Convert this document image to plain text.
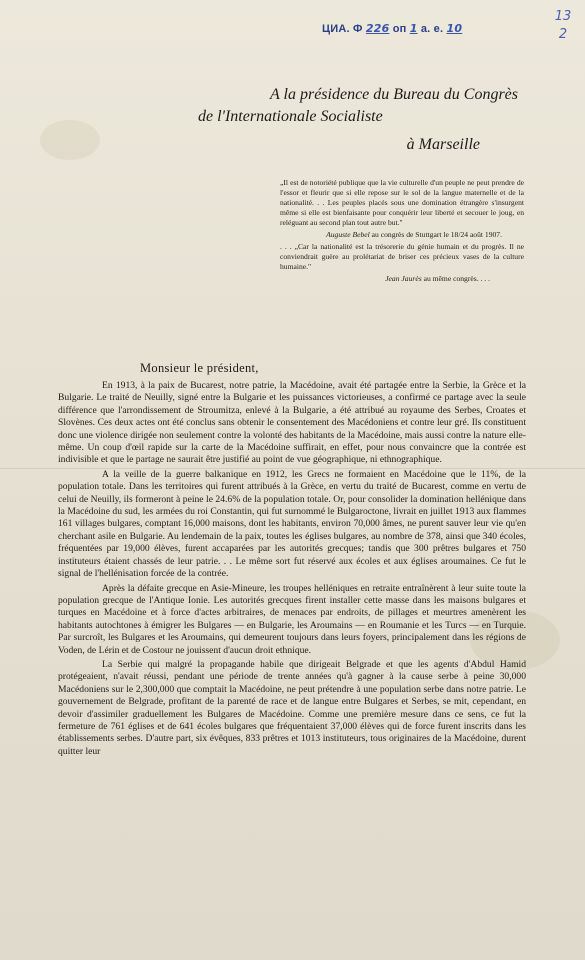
ЦИА. Ф 226 оп 1 а. е. 10
13
2
A la présidence du Bureau du Congrès
de l'Internationale Socialiste
à Marseille
„Il est de notoriété publique que la vie culturelle d'un peuple ne peut prendre de l'essor et fleurir que si elle repose sur le sol de la langue maternelle et de la nationalité. . . Les peuples placés sous une domination étrangère s'insurgent même si elle est bienfaisante pour conquérir leur liberté et secouer le joug, en reléguant au second plan tout autre but."
Auguste Bebel au congrès de Stuttgart le 18/24 août 1907.
. . . „Car la nationalité est la trésorerie du génie humain et du progrès. Il ne conviendrait guère au prolétariat de briser ces précieux vases de la culture humaine."
Jean Jaurès au même congrès. . . .
Monsieur le président,

En 1913, à la paix de Bucarest, notre patrie, la Macédoine, avait été partagée entre la Serbie, la Grèce et la Bulgarie. Le traité de Neuilly, signé entre la Bulgarie et les puissances victorieuses, a confirmé ce partage avec la seule différence que l'arrondissement de Stroumitza, enlevé à la Bulgarie, a été attribué au royaume des Serbes, Croates et Slovènes. Ces deux actes ont été conclus sans obtenir le consentement des Macédoniens et contre leur gré. Ils constituent donc une violence dirigée non seulement contre la volonté des habitants de la Macédoine, mais aussi contre la nature elle-même. Un coup d'œil rapide sur la carte de la Macédoine suffirait, en effet, pour nous convaincre que la contrée est indivisible et que le partage ne saurait être justifié au point de vue géographique, ni ethnographique.

A la veille de la guerre balkanique en 1912, les Grecs ne formaient en Macédoine que le 11%, de la population totale. Dans les territoires qui furent attribués à la Grèce, en vertu du traité de Bucarest, comme en vertu de celui de Neuilly, ils formeront à peine le 24.6% de la population totale. Or, pour consolider la domination hellénique dans la Macédoine du sud, les armées du roi Constantin, qui fut surnommé le Bulgaroctone, livrait en juillet 1913 aux flammes 161 villages bulgares, comptant 16,000 maisons, dont les habitants, environ 70,000 âmes, ne purent sauver leur vie qu'en cherchant asile en Bulgarie. Au lendemain de la paix, toutes les églises bulgares, au nombre de 378, ainsi que 340 écoles, fréquentées par 19,000 élèves, furent accaparées par les autorités grecques; tandis que 300 prêtres bulgares et 750 instituteurs étaient chassés de leur patrie. . . Le même sort fut réservé aux écoles et aux églises aroumaines. Ce fut le signal de l'hellénisation forcée de la contrée.

Après la défaite grecque en Asie-Mineure, les troupes helléniques en retraite entraînèrent à leur suite toute la population grecque de l'Antique Ionie. Les autorités grecques firent installer cette masse dans les maisons bulgares et turques en Macédoine et à force d'actes arbitraires, de menaces par endroits, de pillages et meurtres amenèrent les habitants autochtones à émigrer les Bulgares — en Bulgarie, les Aroumains — en Roumanie et les Turcs — en Turquie. Par surcroît, les Bulgares et les Aroumains, qui demeurent toujours dans leurs foyers, principalement dans les régions de Voden, de Lérin et de Costour ne jouissent d'aucun droit ethnique.

La Serbie qui malgré la propagande habile que dirigeait Belgrade et que les agents d'Abdul Hamid protégeaient, n'avait réussi, pendant une période de trente années qu'à gagner à la cause serbe à peine 30,000 Macédoniens sur le 2,300,000 que comptait la Macédoine, ne peut prétendre à une population serbe dans notre patrie. Le gouvernement de Belgrade, profitant de la parenté de race et de langue entre Bulgares et Serbes, se mit, cependant, en devoir d'assimiler graduellement les Bulgares de Macédoine. Comme une première mesure dans ce sens, ce fut la fermeture de 761 églises et de 641 écoles bulgares que fréquentaient 37,000 élèves qui de force furent inscrits dans les établissements serbes. D'autre part, six évêques, 833 prêtres et 1013 instituteurs, tous originaires de la Macédoine, durent quitter leur
